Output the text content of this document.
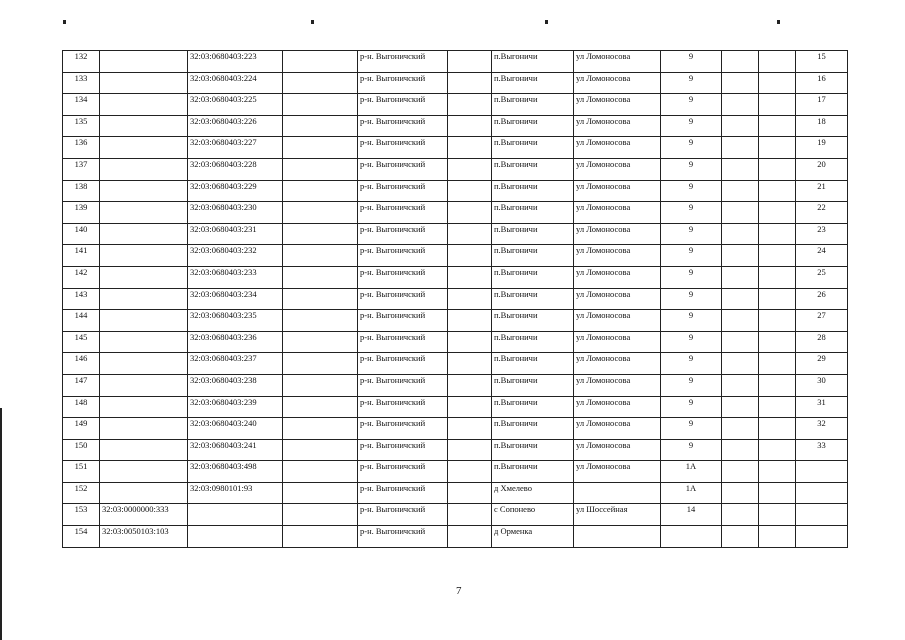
132		32:03:0680403:223		р-н. Выгоничский		п.Выгоничи	ул Ломоносова	9			15
133		32:03:0680403:224		р-н. Выгоничский		п.Выгоничи	ул Ломоносова	9			16
134		32:03:0680403:225		р-н. Выгоничский		п.Выгоничи	ул Ломоносова	9			17
135		32:03:0680403:226		р-н. Выгоничский		п.Выгоничи	ул Ломоносова	9			18
136		32:03:0680403:227		р-н. Выгоничский		п.Выгоничи	ул Ломоносова	9			19
137		32:03:0680403:228		р-н. Выгоничский		п.Выгоничи	ул Ломоносова	9			20
138		32:03:0680403:229		р-н. Выгоничский		п.Выгоничи	ул Ломоносова	9			21
139		32:03:0680403:230		р-н. Выгоничский		п.Выгоничи	ул Ломоносова	9			22
140		32:03:0680403:231		р-н. Выгоничский		п.Выгоничи	ул Ломоносова	9			23
141		32:03:0680403:232		р-н. Выгоничский		п.Выгоничи	ул Ломоносова	9			24
142		32:03:0680403:233		р-н. Выгоничский		п.Выгоничи	ул Ломоносова	9			25
143		32:03:0680403:234		р-н. Выгоничский		п.Выгоничи	ул Ломоносова	9			26
144		32:03:0680403:235		р-н. Выгоничский		п.Выгоничи	ул Ломоносова	9			27
145		32:03:0680403:236		р-н. Выгоничский		п.Выгоничи	ул Ломоносова	9			28
146		32:03:0680403:237		р-н. Выгоничский		п.Выгоничи	ул Ломоносова	9			29
147		32:03:0680403:238		р-н. Выгоничский		п.Выгоничи	ул Ломоносова	9			30
148		32:03:0680403:239		р-н. Выгоничский		п.Выгоничи	ул Ломоносова	9			31
149		32:03:0680403:240		р-н. Выгоничский		п.Выгоничи	ул Ломоносова	9			32
150		32:03:0680403:241		р-н. Выгоничский		п.Выгоничи	ул Ломоносова	9			33
151		32:03:0680403:498		р-н. Выгоничский		п.Выгоничи	ул Ломоносова	1А			
152		32:03:0980101:93		р-н. Выгоничский		д Хмелево		1А			
153	32:03:0000000:333			р-н. Выгоничский		с Сопонево	ул Шоссейная	14			
154	32:03:0050103:103			р-н. Выгоничский		д Орменка					
7
